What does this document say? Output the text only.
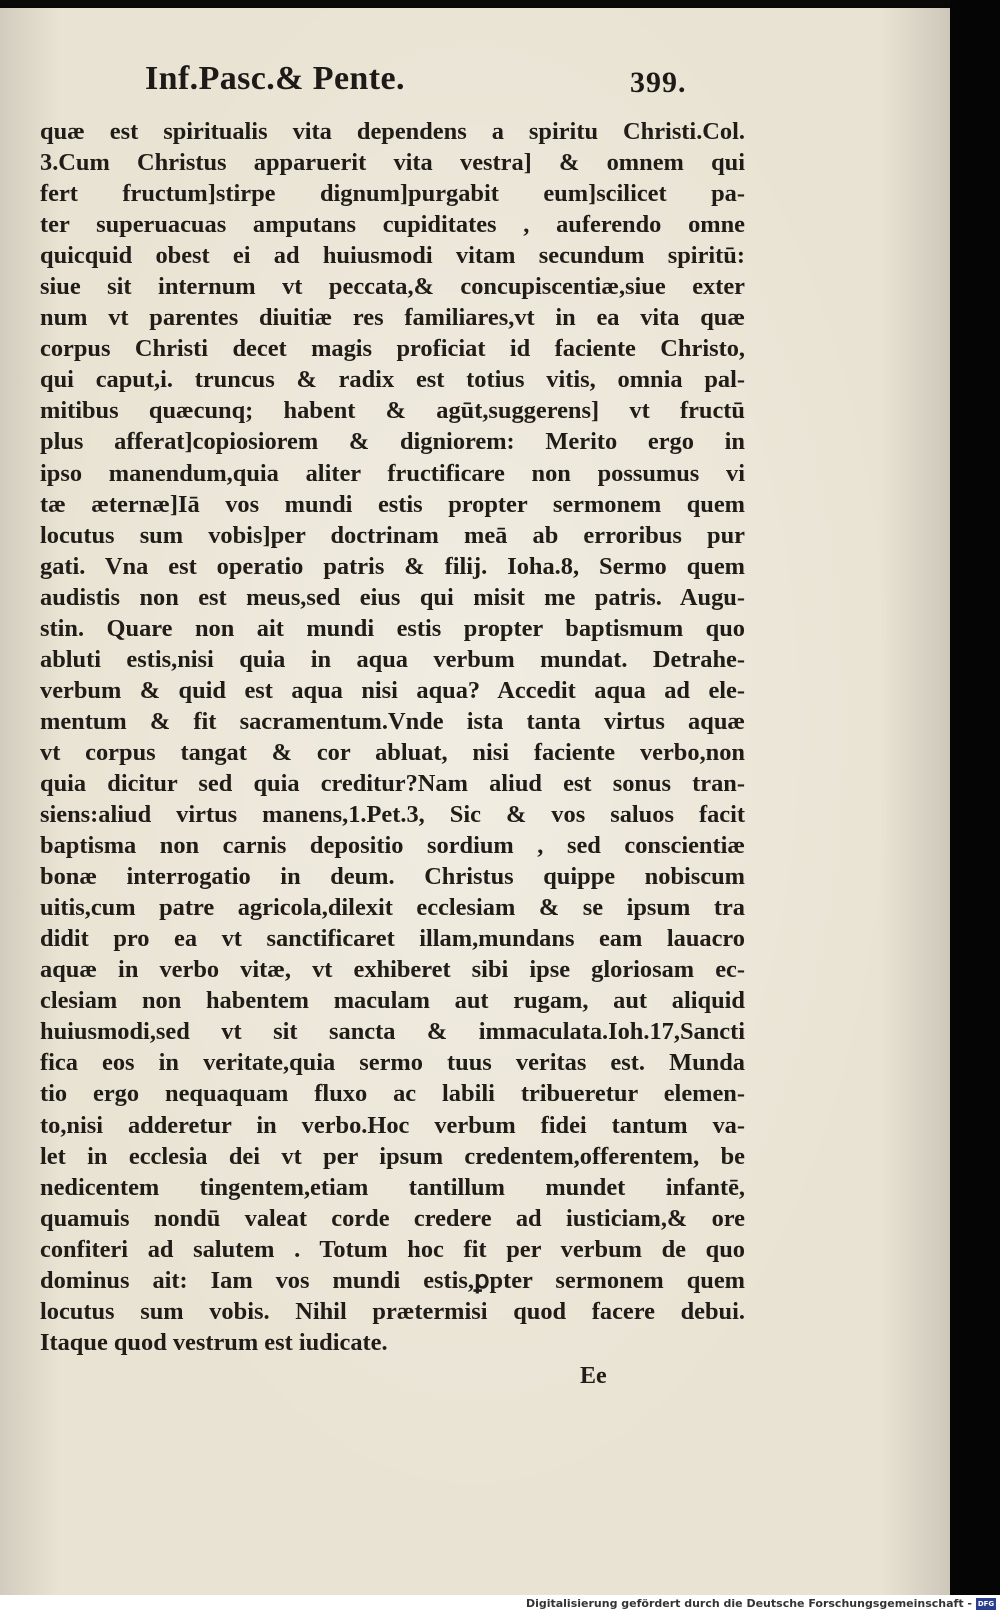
Inf.Pasc.& Pente.	399.
quæ est spiritualis vita dependens a spiritu Christi.Col.
3.Cum Christus apparuerit vita vestra] & omnem qui
fert fructum]stirpe dignum]purgabit eum]scilicet pa-
ter superuacuas amputans cupiditates , auferendo omne
quicquid obest ei ad huiusmodi vitam secundum spiritū:
siue sit internum vt peccata,& concupiscentiæ,siue exter
num vt parentes diuitiæ res familiares,vt in ea vita quæ
corpus Christi decet magis proficiat id faciente Christo,
qui caput,i. truncus & radix est totius vitis, omnia pal-
mitibus quæcunq; habent & agūt,suggerens] vt fructū
plus afferat]copiosiorem & digniorem: Merito ergo in
ipso manendum,quia aliter fructificare non possumus vi
tæ æternæ]Iā vos mundi estis propter sermonem quem
locutus sum vobis]per doctrinam meā ab erroribus pur
gati. Vna est operatio patris & filij. Ioha.8, Sermo quem
audistis non est meus,sed eius qui misit me patris. Augu-
stin. Quare non ait mundi estis propter baptismum quo
abluti estis,nisi quia in aqua verbum mundat. Detrahe-
verbum & quid est aqua nisi aqua? Accedit aqua ad ele-
mentum & fit sacramentum.Vnde ista tanta virtus aquæ
vt corpus tangat & cor abluat, nisi faciente verbo,non
quia dicitur sed quia creditur?Nam aliud est sonus tran-
siens:aliud virtus manens,1.Pet.3, Sic & vos saluos facit
baptisma non carnis depositio sordium , sed conscientiæ
bonæ interrogatio in deum. Christus quippe nobiscum
uitis,cum patre agricola,dilexit ecclesiam & se ipsum tra
didit pro ea vt sanctificaret illam,mundans eam lauacro
aquæ in verbo vitæ, vt exhiberet sibi ipse gloriosam ec-
clesiam non habentem maculam aut rugam, aut aliquid
huiusmodi,sed vt sit sancta & immaculata.Ioh.17,Sancti
fica eos in veritate,quia sermo tuus veritas est. Munda
tio ergo nequaquam fluxo ac labili tribueretur elemen-
to,nisi adderetur in verbo.Hoc verbum fidei tantum va-
let in ecclesia dei vt per ipsum credentem,offerentem, be
nedicentem tingentem,etiam tantillum mundet infantē,
quamuis nondū valeat corde credere ad iusticiam,& ore
confiteri ad salutem . Totum hoc fit per verbum de quo
dominus ait: Iam vos mundi estis,ꝑpter sermonem quem
locutus sum vobis. Nihil prætermisi quod facere debui.
Itaque quod vestrum est iudicate.
Ee
Digitalisierung gefördert durch die Deutsche Forschungsgemeinschaft - DFG
